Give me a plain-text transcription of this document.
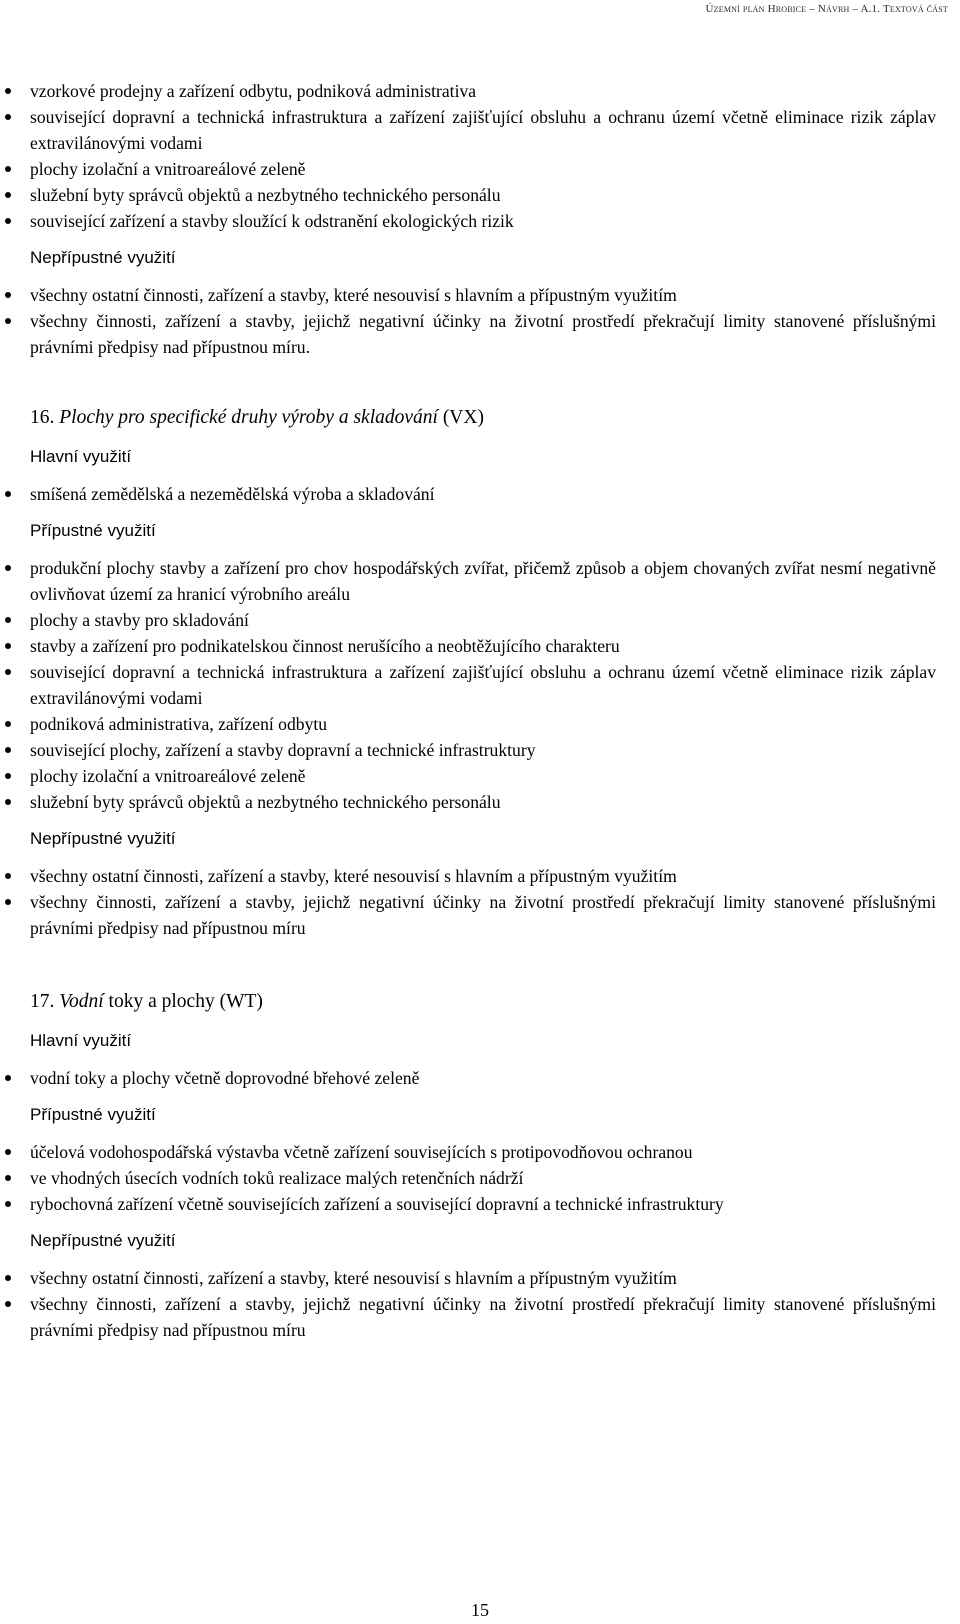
Územní plán Hrobice – Návrh – A.1. Textová část
vzorkové prodejny a zařízení odbytu, podniková administrativa
související dopravní a technická infrastruktura a zařízení zajišťující obsluhu a ochranu území včetně eliminace rizik záplav extravilánovými vodami
plochy izolační a vnitroareálové zeleně
služební byty správců objektů a nezbytného technického personálu
související zařízení a stavby sloužící k odstranění ekologických rizik
Nepřípustné využití
všechny ostatní činnosti, zařízení a stavby, které nesouvisí s hlavním a přípustným využitím
všechny činnosti, zařízení a stavby, jejichž negativní účinky na životní prostředí překračují limity stanovené příslušnými právními předpisy nad přípustnou míru.
16. Plochy pro specifické druhy výroby a skladování (VX)
Hlavní využití
smíšená zemědělská a nezemědělská výroba a skladování
Přípustné využití
produkční plochy stavby a zařízení pro chov hospodářských zvířat, přičemž způsob a objem chovaných zvířat nesmí negativně ovlivňovat území za hranicí výrobního areálu
plochy a stavby pro skladování
stavby a zařízení pro podnikatelskou činnost nerušícího a neobtěžujícího charakteru
související dopravní a technická infrastruktura a zařízení zajišťující obsluhu a ochranu území včetně eliminace rizik záplav extravilánovými vodami
podniková administrativa, zařízení odbytu
související plochy, zařízení a stavby dopravní a technické infrastruktury
plochy izolační a vnitroareálové zeleně
služební byty správců objektů a nezbytného technického personálu
Nepřípustné využití
všechny ostatní činnosti, zařízení a stavby, které nesouvisí s hlavním a přípustným využitím
všechny činnosti, zařízení a stavby, jejichž negativní účinky na životní prostředí překračují limity stanovené příslušnými právními předpisy nad přípustnou míru
17. Vodní toky a plochy (WT)
Hlavní využití
vodní toky a plochy včetně doprovodné břehové zeleně
Přípustné využití
účelová vodohospodářská výstavba včetně zařízení souvisejících s protipovodňovou ochranou
ve vhodných úsecích vodních toků realizace malých retenčních nádrží
rybochovná zařízení včetně souvisejících zařízení a související dopravní a technické infrastruktury
Nepřípustné využití
všechny ostatní činnosti, zařízení a stavby, které nesouvisí s hlavním a přípustným využitím
všechny činnosti, zařízení a stavby, jejichž negativní účinky na životní prostředí překračují limity stanovené příslušnými právními předpisy nad přípustnou míru
15
